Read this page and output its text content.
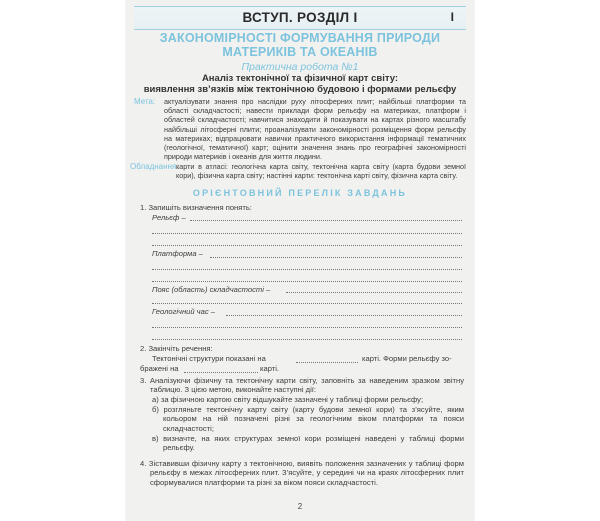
ВСТУП. РОЗДІЛ І	I
ЗАКОНОМІРНОСТІ ФОРМУВАННЯ ПРИРОДИ
МАТЕРИКІВ ТА ОКЕАНІВ
Практична робота №1
Аналіз тектонічної та фізичної карт світу:
виявлення зв’язків між тектонічною будовою і формами рельєфу
Мета: актуалізувати знання про наслідки руху літосферних плит; найбільші платформи та області складчастості; навести приклади форм рельєфу на материках, платформ і областей складчастості; навчитися знаходити й показувати на картах різного масштабу найбільші літосферні плити; проаналізувати закономірності розміщення форм рельєфу на материках; відпрацювати навички практичного використання інформації тематичних (геологічної, тематичної) карт; оцінити значення знань про географічні закономірності природи материків і океанів для життя людини.
Обладнання:
карти в атласі: геологічна карта світу, тектонічна карта світу (карта будови земної кори), фізична карта світу; настінні карти: тектонічна карті світу, фізична карта світу.
ОРІЄНТОВНИЙ ПЕРЕЛІК ЗАВДАНЬ
1. Запишіть визначення понять:
Рельєф –
Платформа –
Пояс (область) складчастості –
Геологічний час –
2. Закінчіть речення:
Тектонічні структури показані на	карті. Форми рельєфу зо-
бражені на	карті.
3. Аналізуючи фізичну та тектонічну карти світу, заповніть за наведеним зразком звітну таблицю. З цією метою, виконайте наступні дії:
а) за фізичною картою світу відшукайте зазначені у таблиці форми рельєфу;
б) розгляньте тектонічну карту світу (карту будови земної кори) та з’ясуйте, яким кольором на ній позначені різні за геологічним віком платформи та пояси складчастості;
в) визначте, на яких структурах земної кори розміщені наведені у таблиці форми рельєфу.
4. Зіставивши фізичну карту з тектонічною, виявіть положення зазначених у таблиці форм рельєфу в межах літосферних плит. З’ясуйте, у середині чи на краях літосферних плит сформувалися платформи та різні за віком пояси складчастості.
2
